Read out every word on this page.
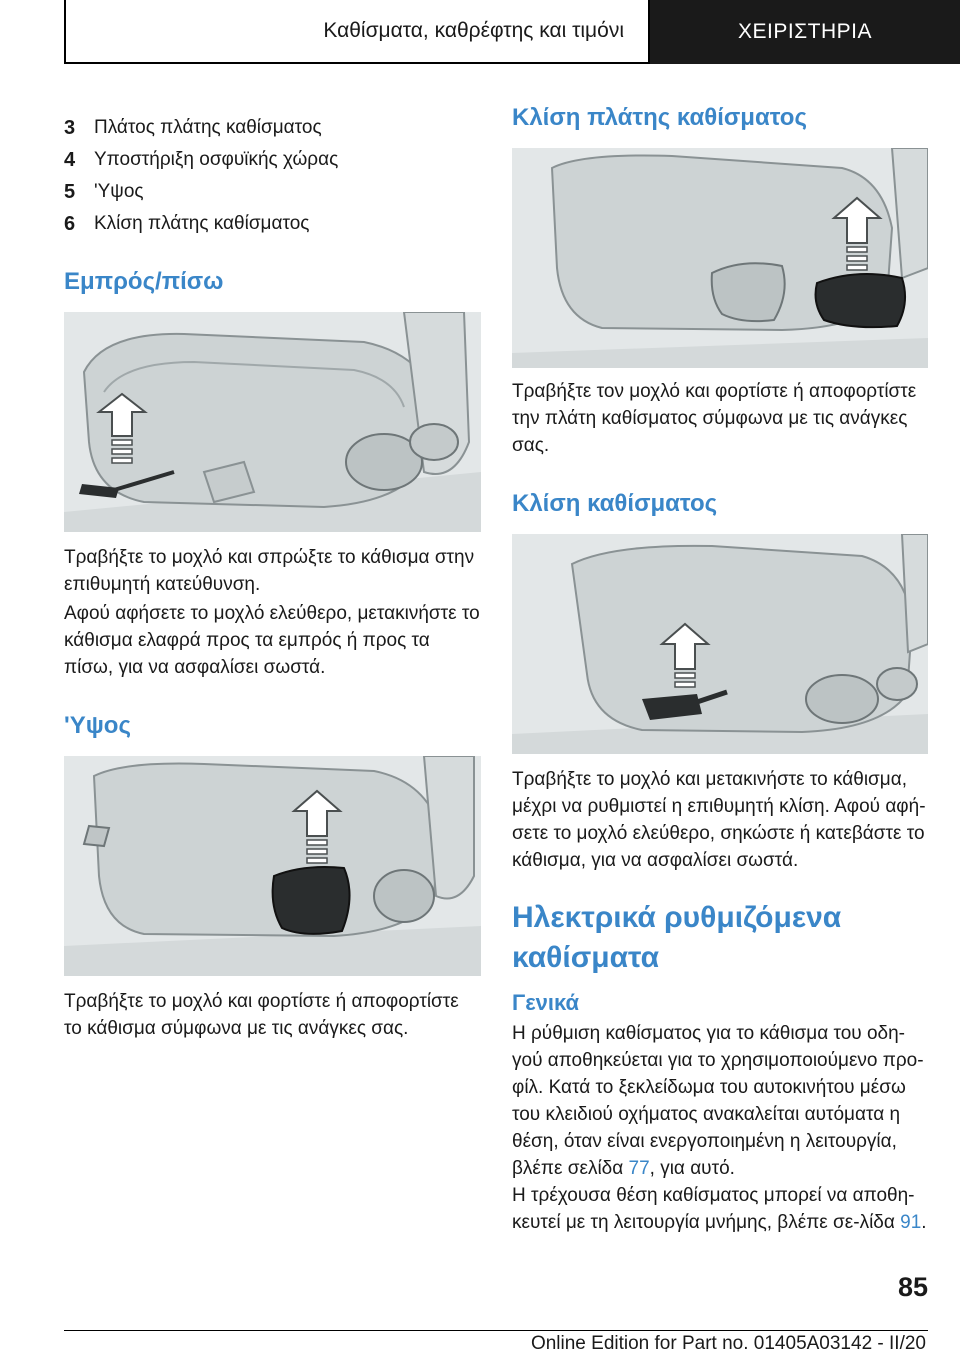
Καθίσματα, καθρέφτης και τιμόνι	ΧΕΙΡΙΣΤΗΡΙΑ
3 Πλάτος πλάτης καθίσματος
4 Υποστήριξη οσφυϊκής χώρας
5 'Υψος
6 Κλίση πλάτης καθίσματος
Εμπρός/πίσω

Τραβήξτε το μοχλό και σπρώξτε το κάθισμα στην επιθυμητή κατεύθυνση.

Αφού αφήσετε το μοχλό ελεύθερο, μετακινήστε το κάθισμα ελαφρά προς τα εμπρός ή προς τα πίσω, για να ασφαλίσει σωστά.

'Υψος

Τραβήξτε το μοχλό και φορτίστε ή αποφορτίστε το κάθισμα σύμφωνα με τις ανάγκες σας.

Κλίση πλάτης καθίσματος

Τραβήξτε τον μοχλό και φορτίστε ή αποφορτίστε την πλάτη καθίσματος σύμφωνα με τις ανάγκες σας.

Κλίση καθίσματος

Τραβήξτε το μοχλό και μετακινήστε το κάθισμα, μέχρι να ρυθμιστεί η επιθυμητή κλίση. Αφού αφή-σετε το μοχλό ελεύθερο, σηκώστε ή κατεβάστε το κάθισμα, για να ασφαλίσει σωστά.

Ηλεκτρικά ρυθμιζόμενα
καθίσματα
Γενικά

Η ρύθμιση καθίσματος για το κάθισμα του οδη-γού αποθηκεύεται για το χρησιμοποιούμενο προ-φίλ. Κατά το ξεκλείδωμα του αυτοκινήτου μέσω του κλειδιού οχήματος ανακαλείται αυτόματα η θέση, όταν είναι ενεργοποιημένη η λειτουργία, βλέπε σελίδα 77, για αυτό.

Η τρέχουσα θέση καθίσματος μπορεί να αποθη-κευτεί με τη λειτουργία μνήμης, βλέπε σε-λίδα 91.

85
Online Edition for Part no. 01405A03142 - II/20
